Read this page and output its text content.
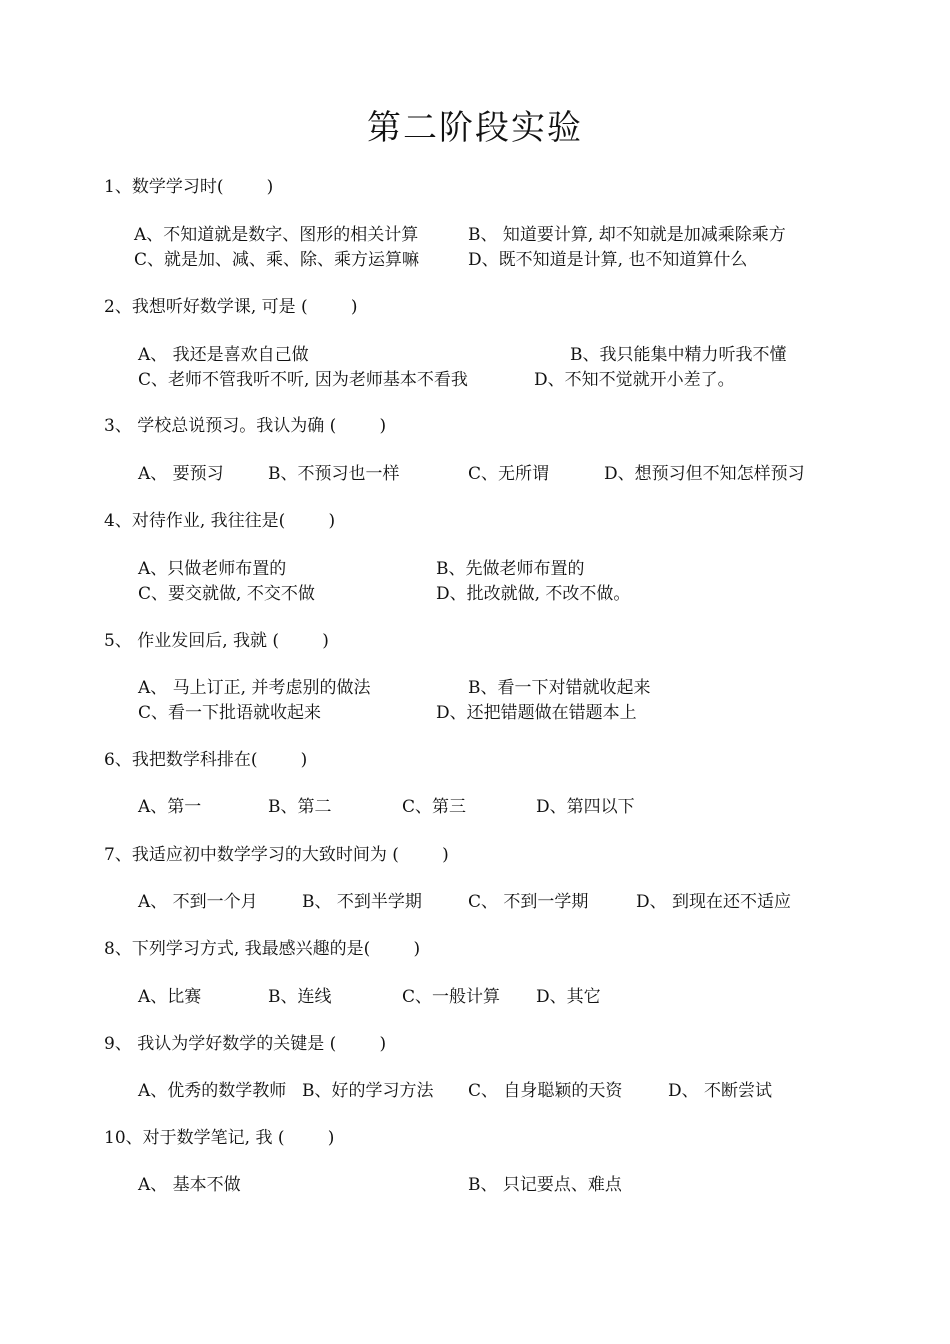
第二阶段实验
1、数学学习时(        )
A、不知道就是数字、图形的相关计算	B、 知道要计算, 却不知就是加减乘除乘方
C、就是加、减、乘、除、乘方运算嘛	D、既不知道是计算, 也不知道算什么
2、我想听好数学课, 可是 (        )
A、 我还是喜欢自己做	B、我只能集中精力听我不懂
C、老师不管我听不听, 因为老师基本不看我	D、不知不觉就开小差了。
3、 学校总说预习。我认为确 (        )
A、 要预习	B、不预习也一样	C、无所谓	D、想预习但不知怎样预习
4、对待作业, 我往往是(        )
A、只做老师布置的	B、先做老师布置的
C、要交就做, 不交不做	D、批改就做, 不改不做。
5、 作业发回后, 我就 (        )
A、 马上订正, 并考虑别的做法	B、看一下对错就收起来
C、看一下批语就收起来	D、还把错题做在错题本上
6、我把数学科排在(        )
A、第一	B、第二	C、第三	D、第四以下
7、我适应初中数学学习的大致时间为 (        )
A、 不到一个月	B、 不到半学期	C、 不到一学期	D、 到现在还不适应
8、下列学习方式, 我最感兴趣的是(        )
A、比赛	B、连线	C、一般计算 D、其它
9、 我认为学好数学的关键是 (        )
A、优秀的数学教师 B、好的学习方法 C、 自身聪颖的天资	D、 不断尝试
10、对于数学笔记, 我 (        )
A、 基本不做	B、 只记要点、难点
